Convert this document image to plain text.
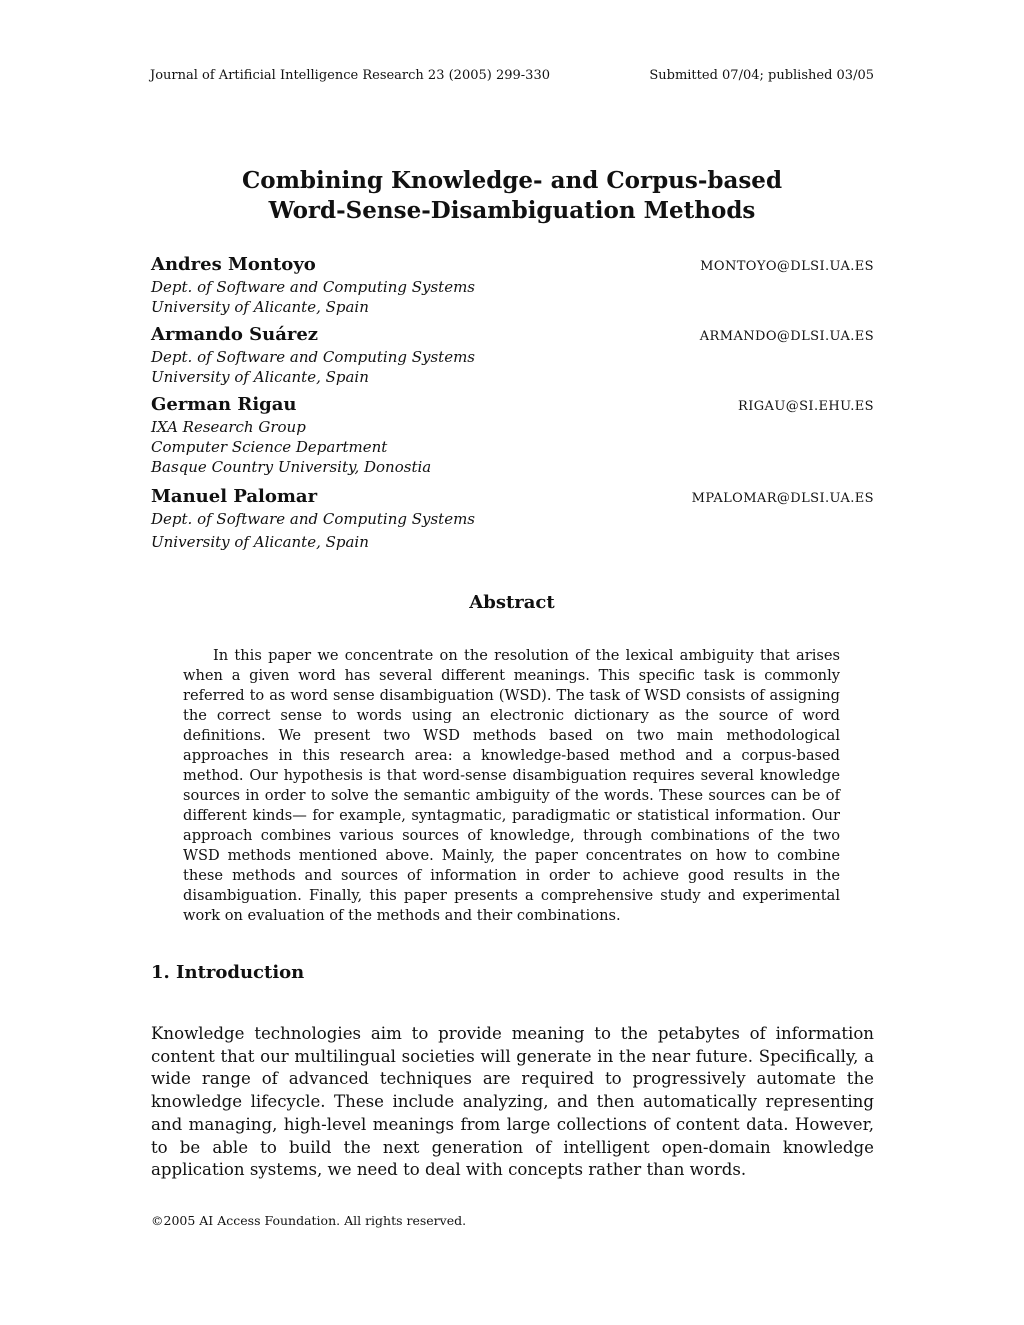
Journal of Artificial Intelligence Research 23 (2005) 299-330	Submitted 07/04; published 03/05
Combining Knowledge- and Corpus-based
Word-Sense-Disambiguation Methods
Andres Montoyo	MONTOYO@DLSI.UA.ES
Dept. of Software and Computing Systems
University of Alicante, Spain
Armando Suárez	ARMANDO@DLSI.UA.ES
Dept. of Software and Computing Systems
University of Alicante, Spain
German Rigau	RIGAU@SI.EHU.ES
IXA Research Group
Computer Science Department
Basque Country University, Donostia
Manuel Palomar	MPALOMAR@DLSI.UA.ES
Dept. of Software and Computing Systems
University of Alicante, Spain
Abstract

In this paper we concentrate on the resolution of the lexical ambiguity that arises when a given word has several different meanings. This specific task is commonly referred to as word sense disambiguation (WSD). The task of WSD consists of assigning the correct sense to words using an electronic dictionary as the source of word definitions. We present two WSD methods based on two main methodological approaches in this research area: a knowledge-based method and a corpus-based method. Our hypothesis is that word-sense disambiguation requires several knowledge sources in order to solve the semantic ambiguity of the words. These sources can be of different kinds— for example, syntagmatic, paradigmatic or statistical information. Our approach combines various sources of knowledge, through combinations of the two WSD methods mentioned above. Mainly, the paper concentrates on how to combine these methods and sources of information in order to achieve good results in the disambiguation. Finally, this paper presents a comprehensive study and experimental work on evaluation of the methods and their combinations.

1. Introduction

Knowledge technologies aim to provide meaning to the petabytes of information content that our multilingual societies will generate in the near future. Specifically, a wide range of advanced techniques are required to progressively automate the knowledge lifecycle. These include analyzing, and then automatically representing and managing, high-level meanings from large collections of content data. However, to be able to build the next generation of intelligent open-domain knowledge application systems, we need to deal with concepts rather than words.

©2005 AI Access Foundation. All rights reserved.
